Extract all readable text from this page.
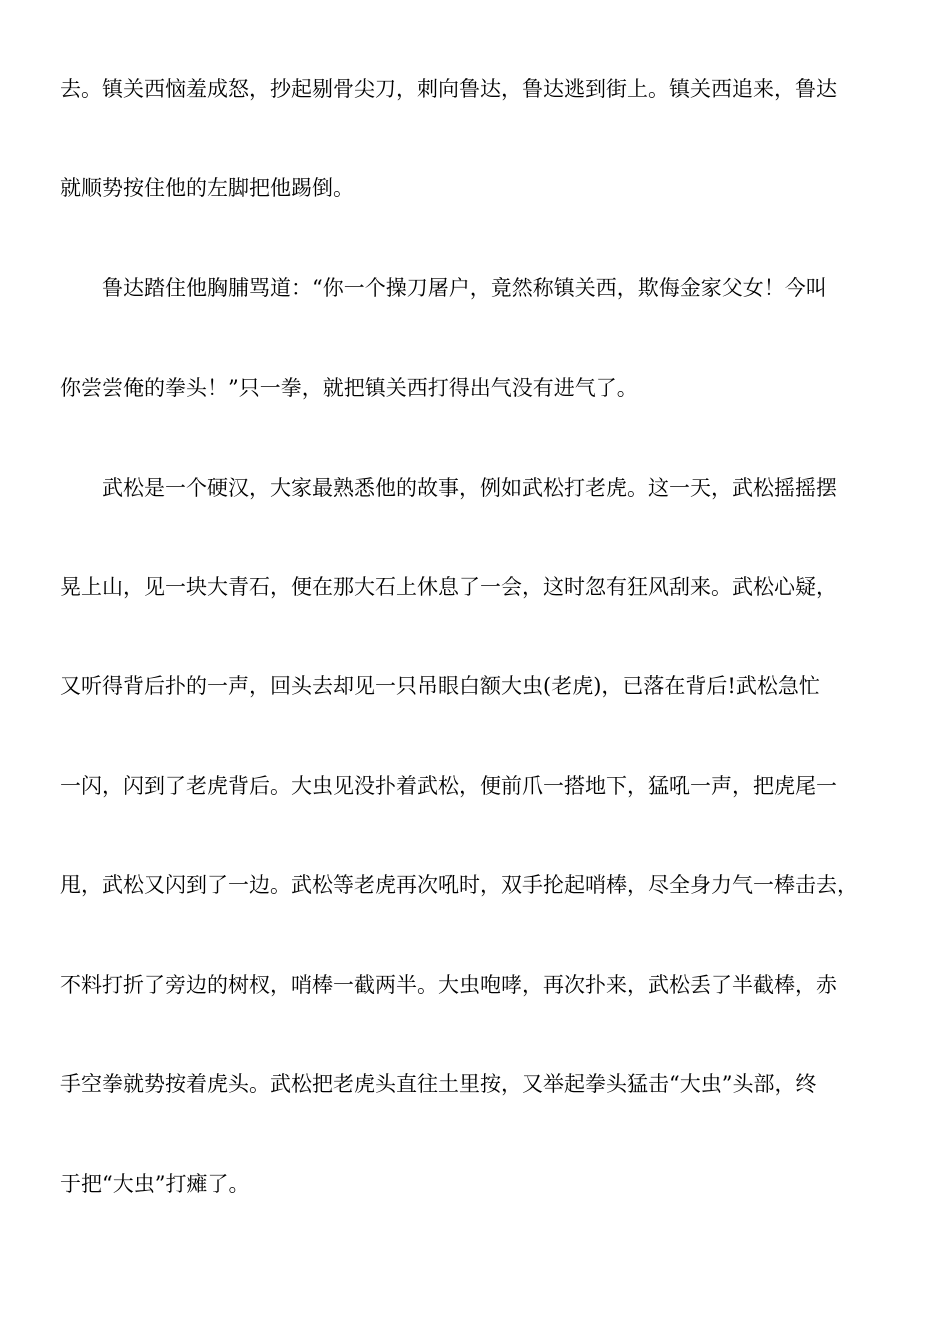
去。镇关西恼羞成怒，抄起剔骨尖刀，刺向鲁达，鲁达逃到街上。镇关西追来，鲁达
就顺势按住他的左脚把他踢倒。
鲁达踏住他胸脯骂道：“你一个操刀屠户，竟然称镇关西，欺侮金家父女！今叫
你尝尝俺的拳头！”只一拳，就把镇关西打得出气没有进气了。
武松是一个硬汉，大家最熟悉他的故事，例如武松打老虎。这一天，武松摇摇摆
晃上山，见一块大青石，便在那大石上休息了一会，这时忽有狂风刮来。武松心疑，
又听得背后扑的一声，回头去却见一只吊眼白额大虫(老虎)，已落在背后!武松急忙
一闪，闪到了老虎背后。大虫见没扑着武松，便前爪一搭地下，猛吼一声，把虎尾一
甩，武松又闪到了一边。武松等老虎再次吼时，双手抡起哨棒，尽全身力气一棒击去，
不料打折了旁边的树杈，哨棒一截两半。大虫咆哮，再次扑来，武松丢了半截棒，赤
手空拳就势按着虎头。武松把老虎头直往土里按，又举起拳头猛击“大虫”头部，终
于把“大虫”打瘫了。
